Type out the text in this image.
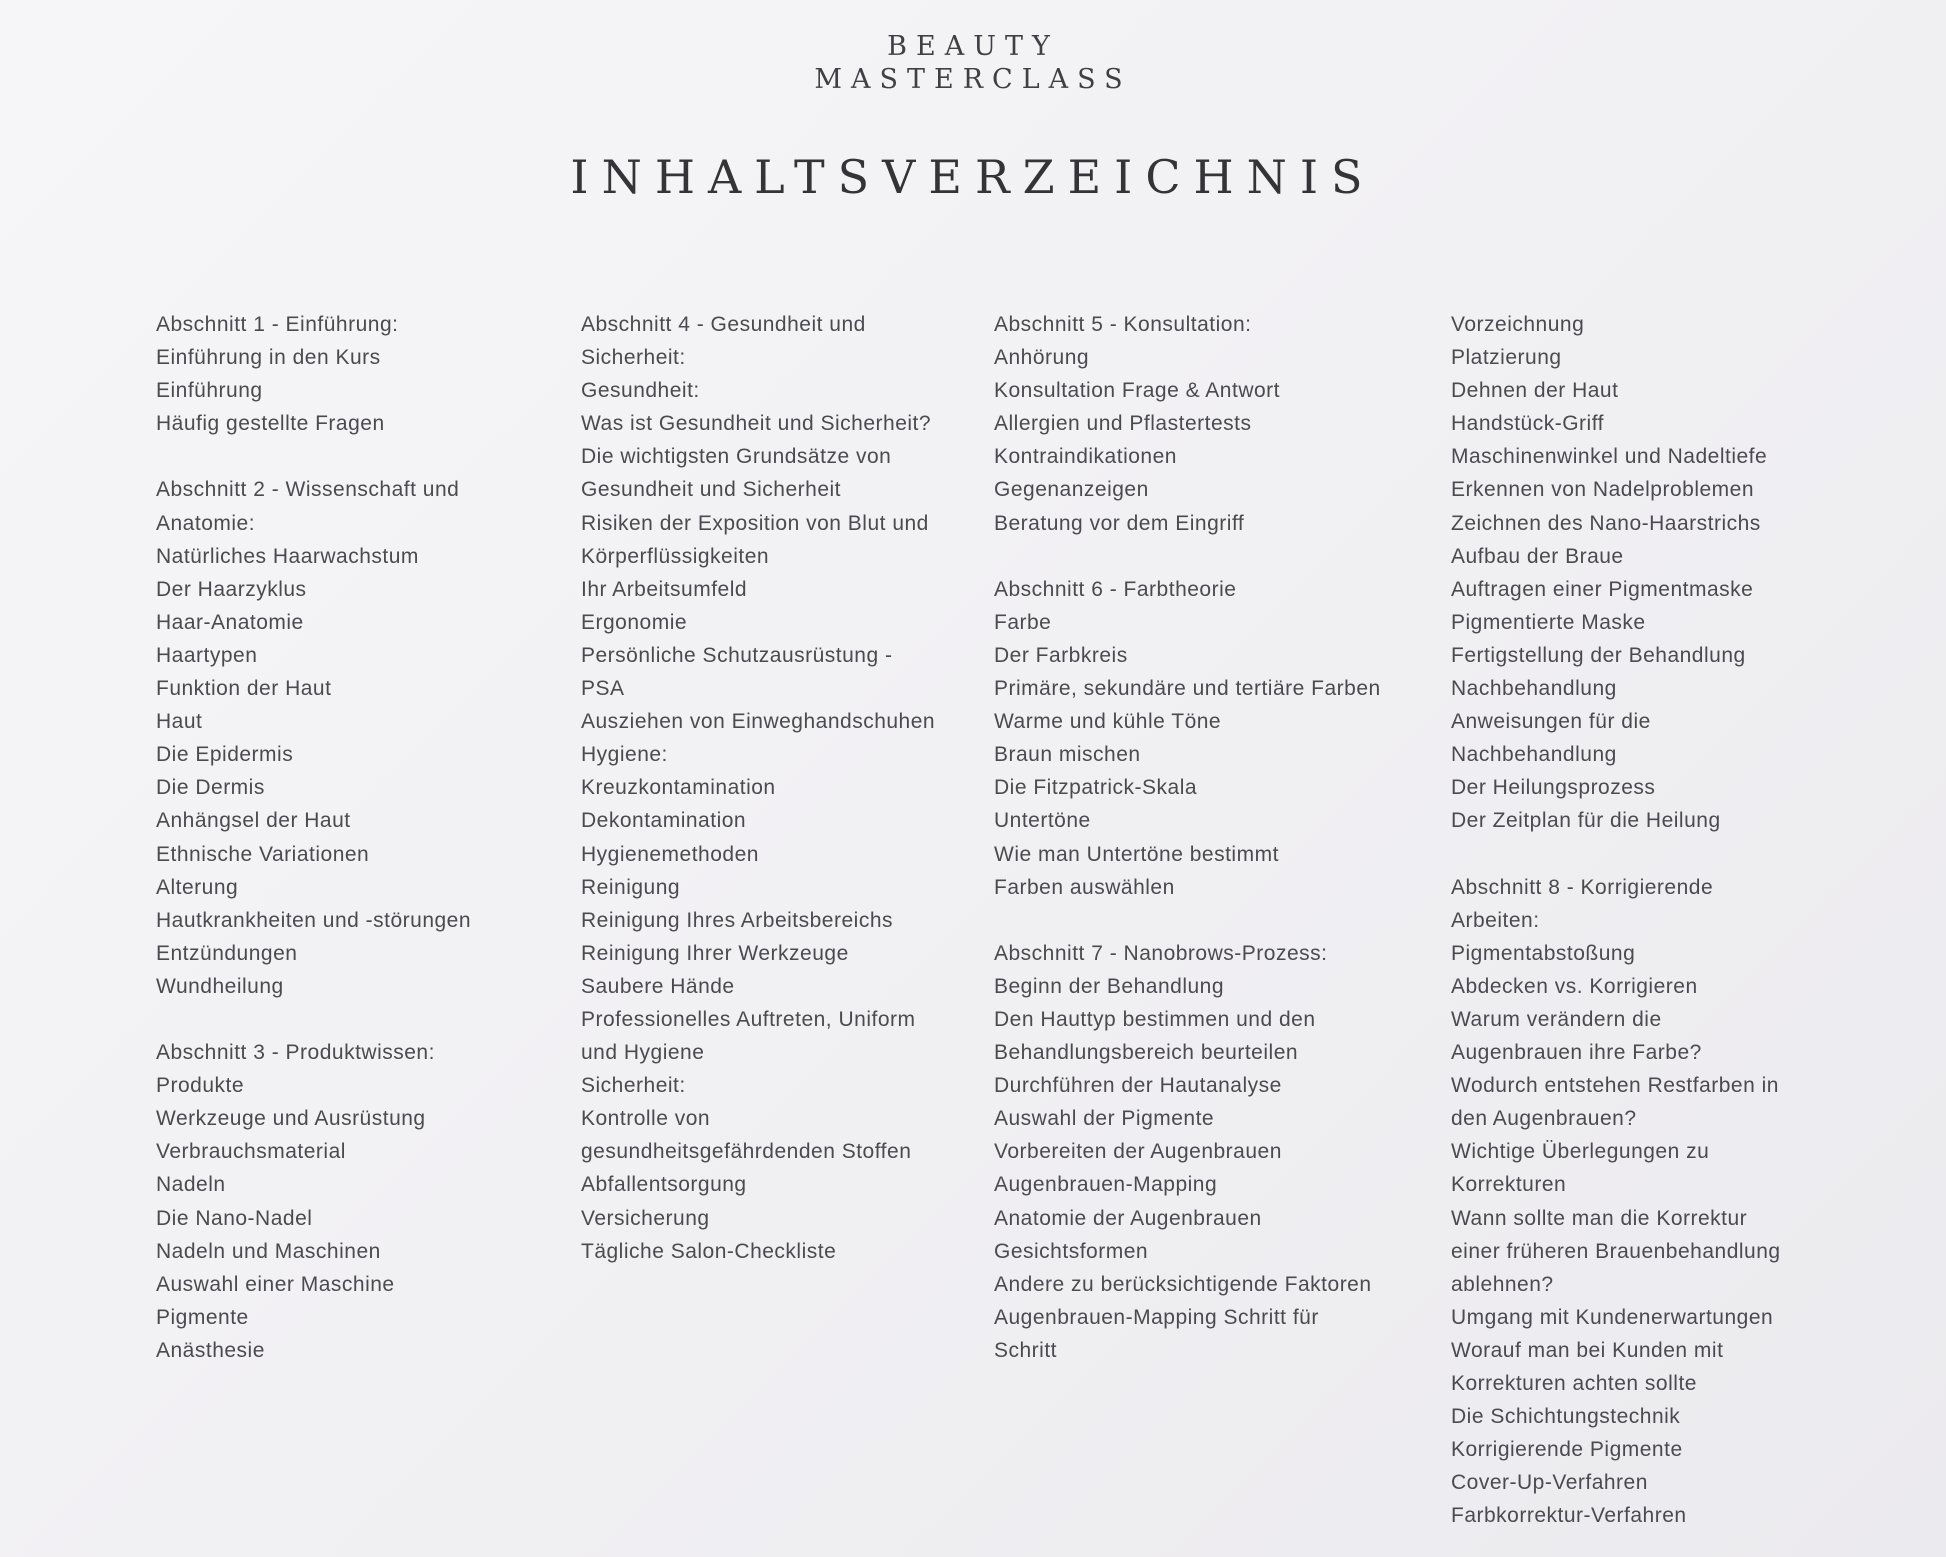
BEAUTY
MASTERCLASS
INHALTSVERZEICHNIS
Abschnitt 1 - Einführung:
Einführung in den Kurs
Einführung
Häufig gestellte Fragen
Abschnitt 2 - Wissenschaft und
Anatomie:
Natürliches Haarwachstum
Der Haarzyklus
Haar-Anatomie
Haartypen
Funktion der Haut
Haut
Die Epidermis
Die Dermis
Anhängsel der Haut
Ethnische Variationen
Alterung
Hautkrankheiten und -störungen
Entzündungen
Wundheilung
Abschnitt 3 - Produktwissen:
Produkte
Werkzeuge und Ausrüstung
Verbrauchsmaterial
Nadeln
Die Nano-Nadel
Nadeln und Maschinen
Auswahl einer Maschine
Pigmente
Anästhesie
Abschnitt 4 - Gesundheit und
Sicherheit:
Gesundheit:
Was ist Gesundheit und Sicherheit?
Die wichtigsten Grundsätze von
Gesundheit und Sicherheit
Risiken der Exposition von Blut und
Körperflüssigkeiten
Ihr Arbeitsumfeld
Ergonomie
Persönliche Schutzausrüstung -
PSA
Ausziehen von Einweghandschuhen
Hygiene:
Kreuzkontamination
Dekontamination
Hygienemethoden
Reinigung
Reinigung Ihres Arbeitsbereichs
Reinigung Ihrer Werkzeuge
Saubere Hände
Professionelles Auftreten, Uniform
und Hygiene
Sicherheit:
Kontrolle von
gesundheitsgefährdenden Stoffen
Abfallentsorgung
Versicherung
Tägliche Salon-Checkliste
Abschnitt 5 - Konsultation:
Anhörung
Konsultation Frage & Antwort
Allergien und Pflastertests
Kontraindikationen
Gegenanzeigen
Beratung vor dem Eingriff
Abschnitt 6 - Farbtheorie
Farbe
Der Farbkreis
Primäre, sekundäre und tertiäre Farben
Warme und kühle Töne
Braun mischen
Die Fitzpatrick-Skala
Untertöne
Wie man Untertöne bestimmt
Farben auswählen
Abschnitt 7 - Nanobrows-Prozess:
Beginn der Behandlung
Den Hauttyp bestimmen und den
Behandlungsbereich beurteilen
Durchführen der Hautanalyse
Auswahl der Pigmente
Vorbereiten der Augenbrauen
Augenbrauen-Mapping
Anatomie der Augenbrauen
Gesichtsformen
Andere zu berücksichtigende Faktoren
Augenbrauen-Mapping Schritt für
Schritt
Vorzeichnung
Platzierung
Dehnen der Haut
Handstück-Griff
Maschinenwinkel und Nadeltiefe
Erkennen von Nadelproblemen
Zeichnen des Nano-Haarstrichs
Aufbau der Braue
Auftragen einer Pigmentmaske
Pigmentierte Maske
Fertigstellung der Behandlung
Nachbehandlung
Anweisungen für die
Nachbehandlung
Der Heilungsprozess
Der Zeitplan für die Heilung
Abschnitt 8 - Korrigierende
Arbeiten:
Pigmentabstoßung
Abdecken vs. Korrigieren
Warum verändern die
Augenbrauen ihre Farbe?
Wodurch entstehen Restfarben in
den Augenbrauen?
Wichtige Überlegungen zu
Korrekturen
Wann sollte man die Korrektur
einer früheren Brauenbehandlung
ablehnen?
Umgang mit Kundenerwartungen
Worauf man bei Kunden mit
Korrekturen achten sollte
Die Schichtungstechnik
Korrigierende Pigmente
Cover-Up-Verfahren
Farbkorrektur-Verfahren
